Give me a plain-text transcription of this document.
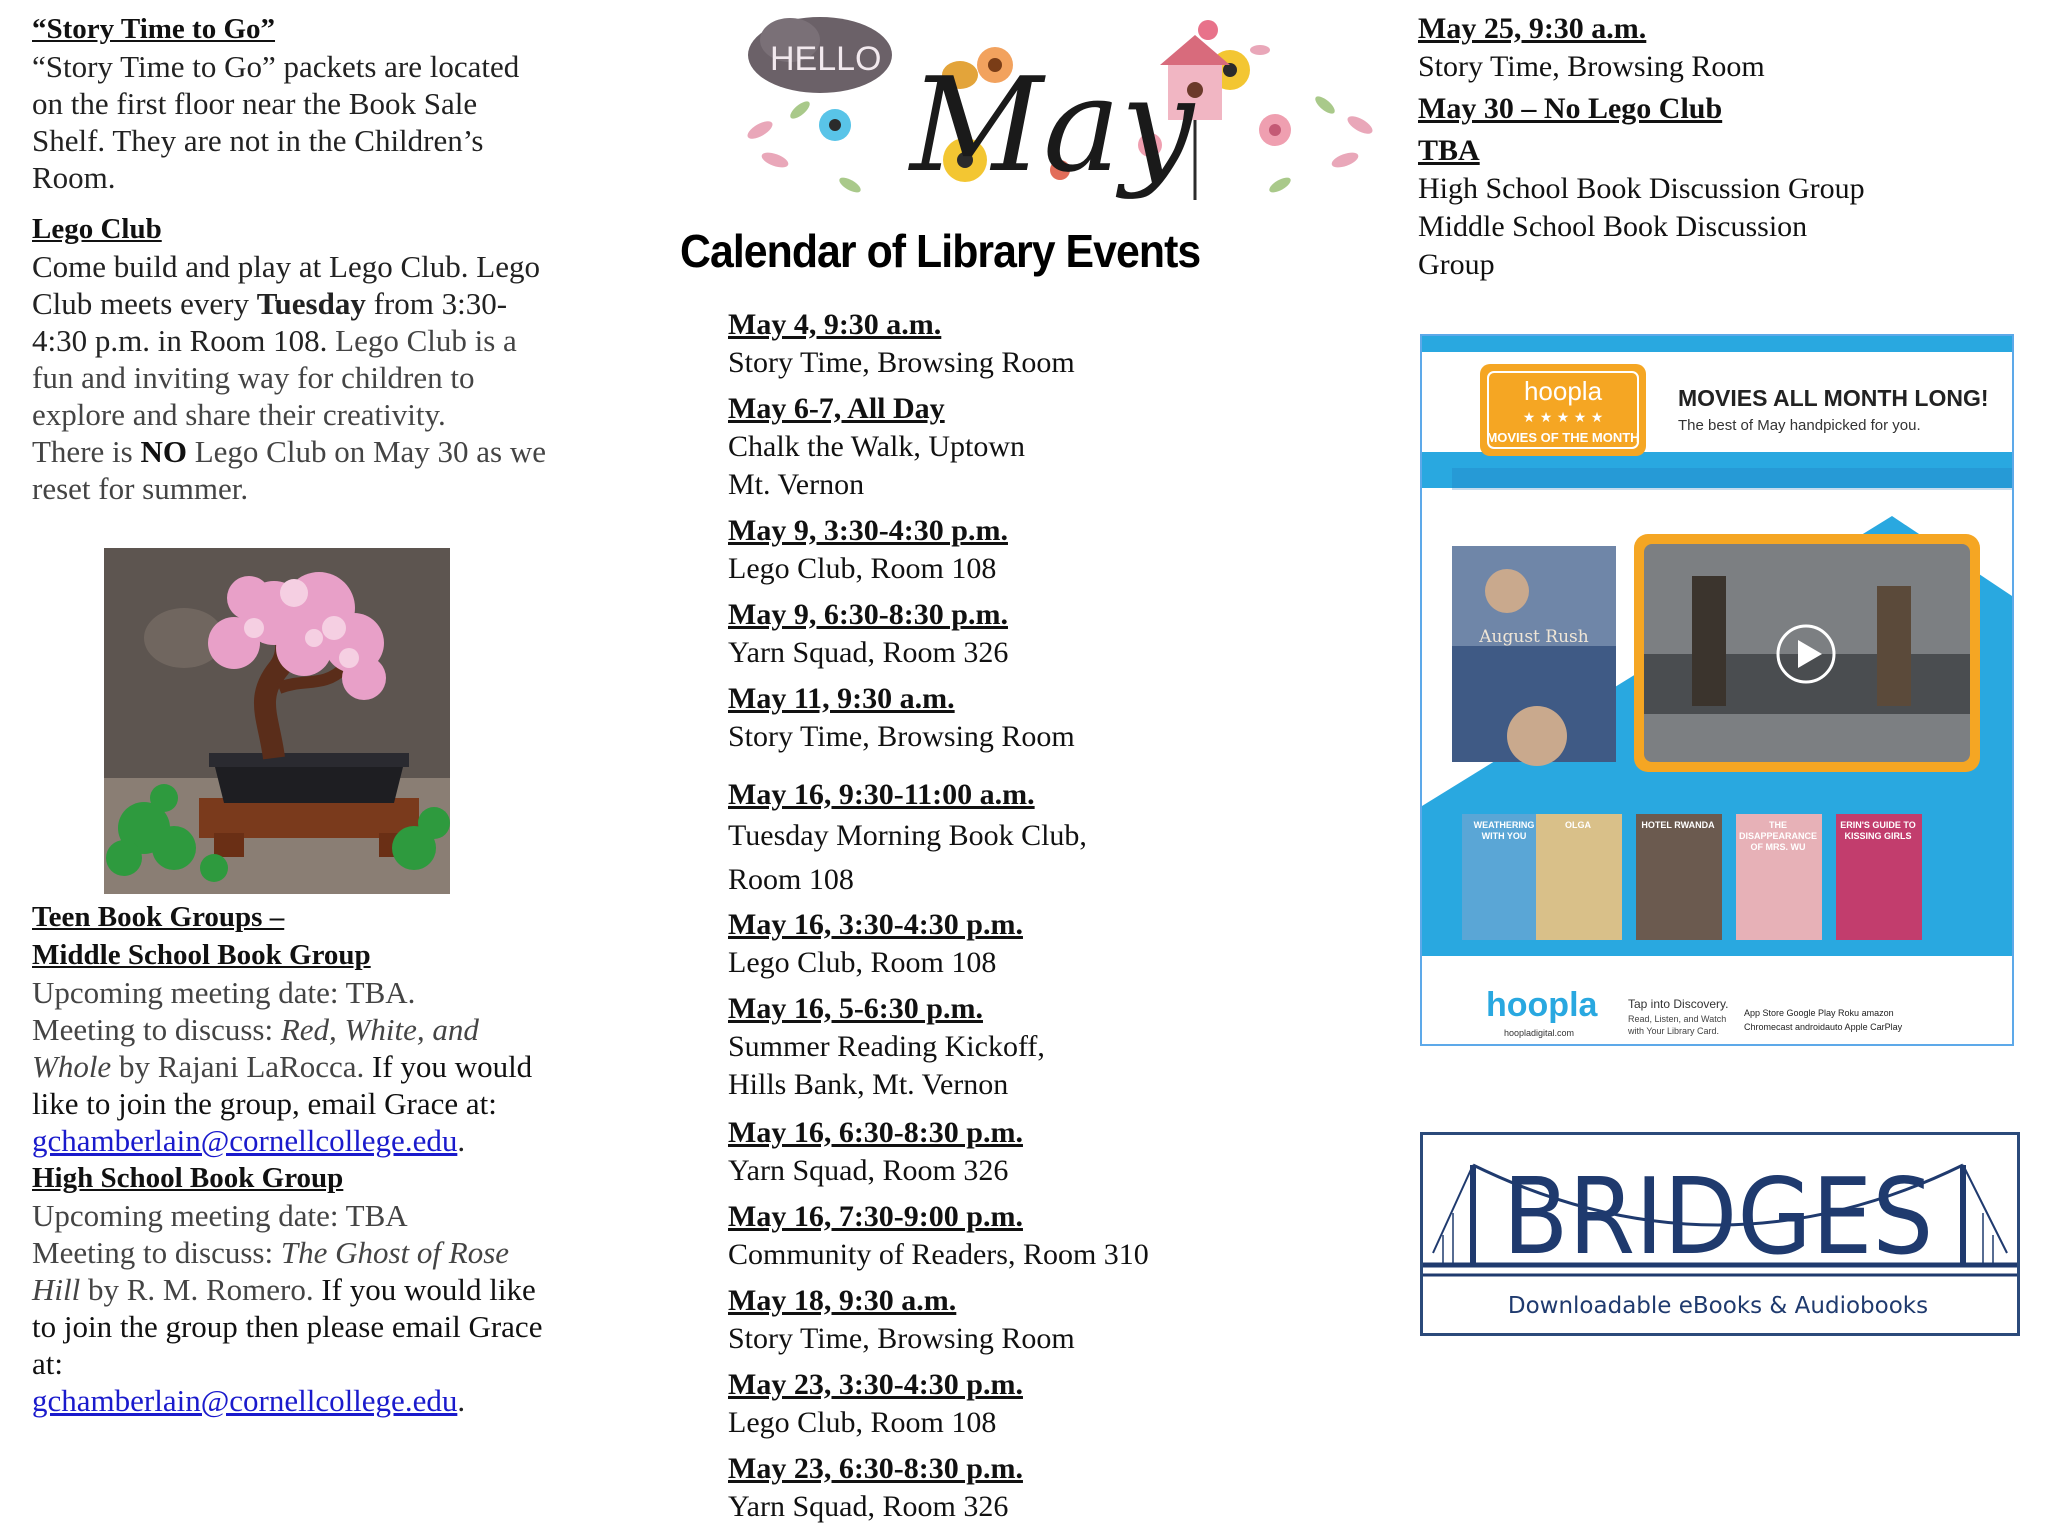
“Story Time to Go”

“Story Time to Go” packets are located on the first floor near the Book Sale Shelf. They are not in the Children’s Room.

Lego Club

Come build and play at Lego Club. Lego Club meets every Tuesday from 3:30-4:30 p.m. in Room 108. Lego Club is a fun and inviting way for children to explore and share their creativity.

There is NO Lego Club on May 30 as we reset for summer.

Teen Book Groups –

Middle School Book Group

Upcoming meeting date: TBA.

Meeting to discuss: Red, White, and Whole by Rajani LaRocca. If you would like to join the group, email Grace at:

gchamberlain@cornellcollege.edu.

High School Book Group

Upcoming meeting date: TBA

Meeting to discuss: The Ghost of Rose Hill by R. M. Romero. If you would like to join the group then please email Grace at:

gchamberlain@cornellcollege.edu.

HELLO May
Calendar of Library Events

May 4, 9:30 a.m.

Story Time, Browsing Room

May 6-7, All Day

Chalk the Walk, Uptown

Mt. Vernon

May 9, 3:30-4:30 p.m.

Lego Club, Room 108

May 9, 6:30-8:30 p.m.

Yarn Squad, Room 326

May 11, 9:30 a.m.

Story Time, Browsing Room

May 16, 9:30-11:00 a.m.

Tuesday Morning Book Club,

Room 108

May 16, 3:30-4:30 p.m.

Lego Club, Room 108

May 16, 5-6:30 p.m.

Summer Reading Kickoff,

Hills Bank, Mt. Vernon

May 16, 6:30-8:30 p.m.

Yarn Squad, Room 326

May 16, 7:30-9:00 p.m.

Community of Readers, Room 310

May 18, 9:30 a.m.

Story Time, Browsing Room

May 23, 3:30-4:30 p.m.

Lego Club, Room 108

May 23, 6:30-8:30 p.m.

Yarn Squad, Room 326

May 25, 9:30 a.m.

Story Time, Browsing Room

May 30 – No Lego Club

TBA

High School Book Discussion Group

Middle School Book Discussion

Group

hoopla
★ ★ ★ ★ ★
MOVIES OF THE MONTH
MOVIES ALL MONTH LONG!
The best of May handpicked for you.
August Rush
hoopla
hoopladigital.com
Tap into Discovery.
Read, Listen, and Watch
with Your Library Card.
App Store Google Play Roku amazon
Chromecast androidauto Apple CarPlay
WEATHERING WITH YOU
OLGA	HOTEL RWANDA	THE DISAPPEARANCE OF MRS. WU
ERIN'S GUIDE TO KISSING GIRLS
BRIDGES
Downloadable eBooks & Audiobooks
